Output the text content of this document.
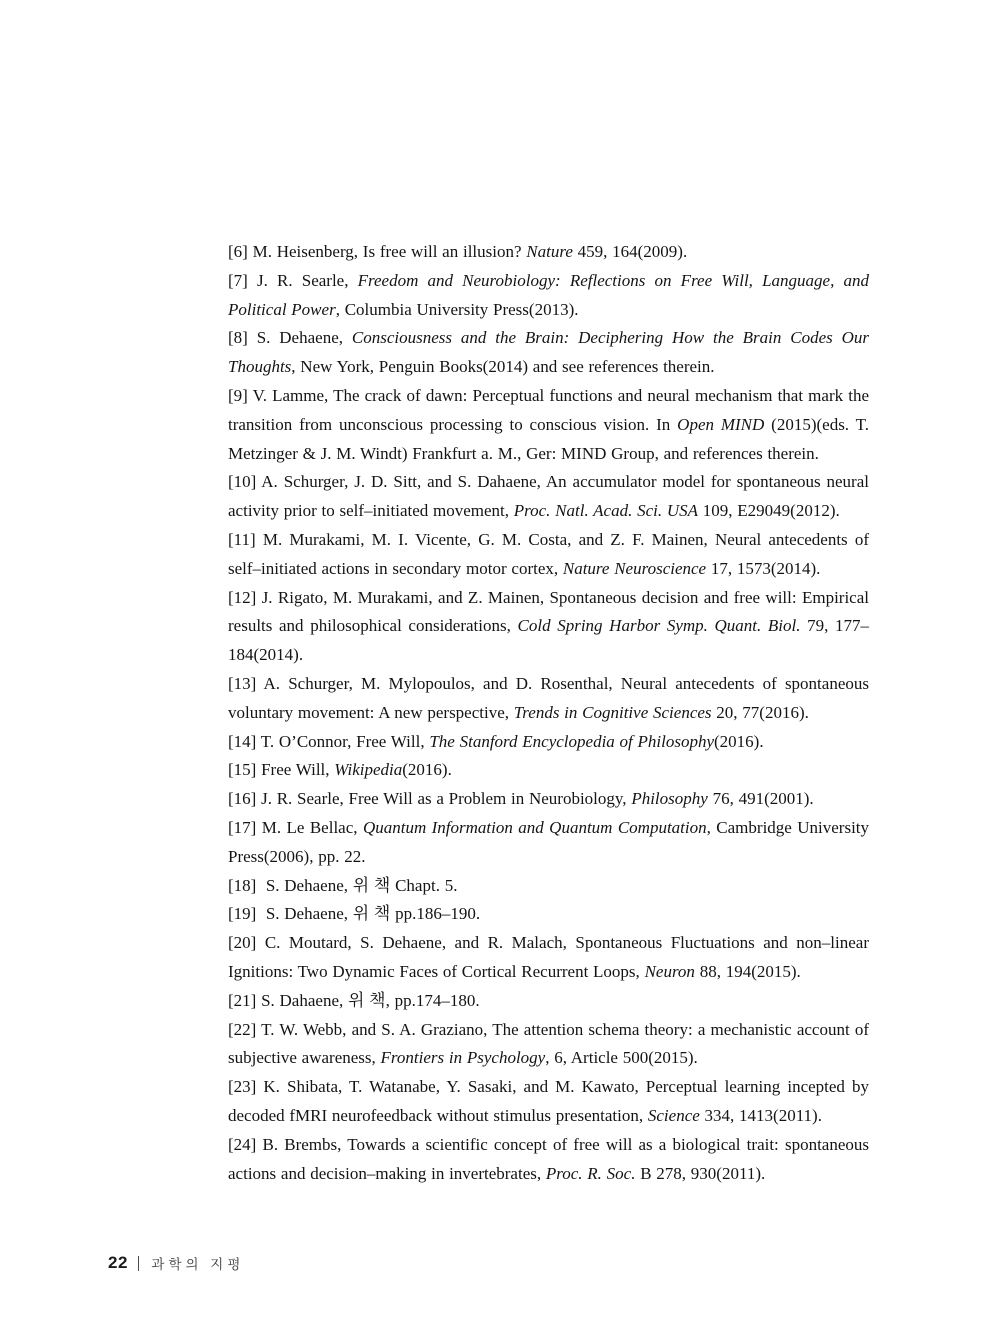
[6] M. Heisenberg, Is free will an illusion? Nature 459, 164(2009).

[7] J. R. Searle, Freedom and Neurobiology: Reflections on Free Will, Language, and Political Power, Columbia University Press(2013).

[8] S. Dehaene, Consciousness and the Brain: Deciphering How the Brain Codes Our Thoughts, New York, Penguin Books(2014) and see references therein.

[9] V. Lamme, The crack of dawn: Perceptual functions and neural mechanism that mark the transition from unconscious processing to conscious vision. In Open MIND (2015)(eds. T. Metzinger & J. M. Windt) Frankfurt a. M., Ger: MIND Group, and references therein.

[10] A. Schurger, J. D. Sitt, and S. Dahaene, An accumulator model for spontaneous neural activity prior to self–initiated movement, Proc. Natl. Acad. Sci. USA 109, E29049(2012).

[11] M. Murakami, M. I. Vicente, G. M. Costa, and Z. F. Mainen, Neural antecedents of self–initiated actions in secondary motor cortex, Nature Neuroscience 17, 1573(2014).

[12] J. Rigato, M. Murakami, and Z. Mainen, Spontaneous decision and free will: Empirical results and philosophical considerations, Cold Spring Harbor Symp. Quant. Biol. 79, 177–184(2014).

[13] A. Schurger, M. Mylopoulos, and D. Rosenthal, Neural antecedents of spontaneous voluntary movement: A new perspective, Trends in Cognitive Sciences 20, 77(2016).

[14] T. O’Connor, Free Will, The Stanford Encyclopedia of Philosophy(2016).

[15] Free Will, Wikipedia(2016).

[16] J. R. Searle, Free Will as a Problem in Neurobiology, Philosophy 76, 491(2001).

[17] M. Le Bellac, Quantum Information and Quantum Computation, Cambridge University Press(2006), pp. 22.

[18]  S. Dehaene, 위 책 Chapt. 5.

[19]  S. Dehaene, 위 책 pp.186–190.

[20] C. Moutard, S. Dehaene, and R. Malach, Spontaneous Fluctuations and non–linear Ignitions: Two Dynamic Faces of Cortical Recurrent Loops, Neuron 88, 194(2015).

[21] S. Dahaene, 위 책, pp.174–180.

[22] T. W. Webb, and S. A. Graziano, The attention schema theory: a mechanistic account of subjective awareness, Frontiers in Psychology, 6, Article 500(2015).

[23] K. Shibata, T. Watanabe, Y. Sasaki, and M. Kawato, Perceptual learning incepted by decoded fMRI neurofeedback without stimulus presentation, Science 334, 1413(2011).

[24] B. Brembs, Towards a scientific concept of free will as a biological trait: spontaneous actions and decision–making in invertebrates, Proc. R. Soc. B 278, 930(2011).

22 과학의 지평
